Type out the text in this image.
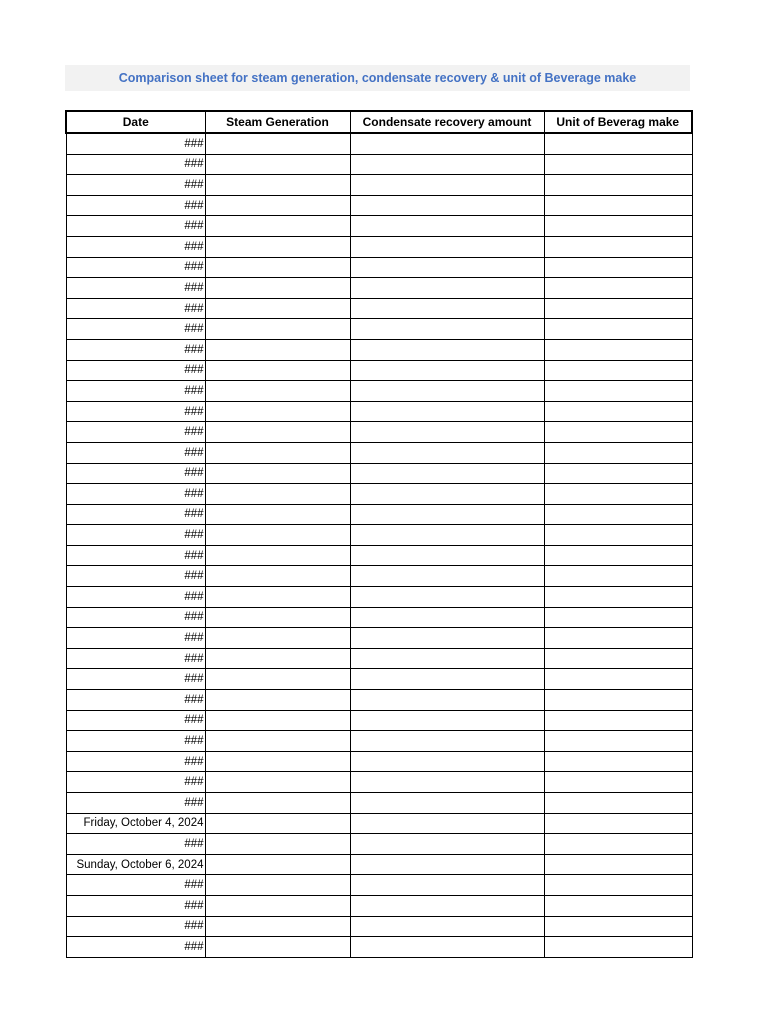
Comparison sheet for steam generation, condensate recovery & unit of Beverage make
Date	Steam Generation	Condensate recovery amount	Unit of Beverag make
###			
###			
###			
###			
###			
###			
###			
###			
###			
###			
###			
###			
###			
###			
###			
###			
###			
###			
###			
###			
###			
###			
###			
###			
###			
###			
###			
###			
###			
###			
###			
###			
###			
Friday, October 4, 2024			
###			
Sunday, October 6, 2024			
###			
###			
###			
###			
